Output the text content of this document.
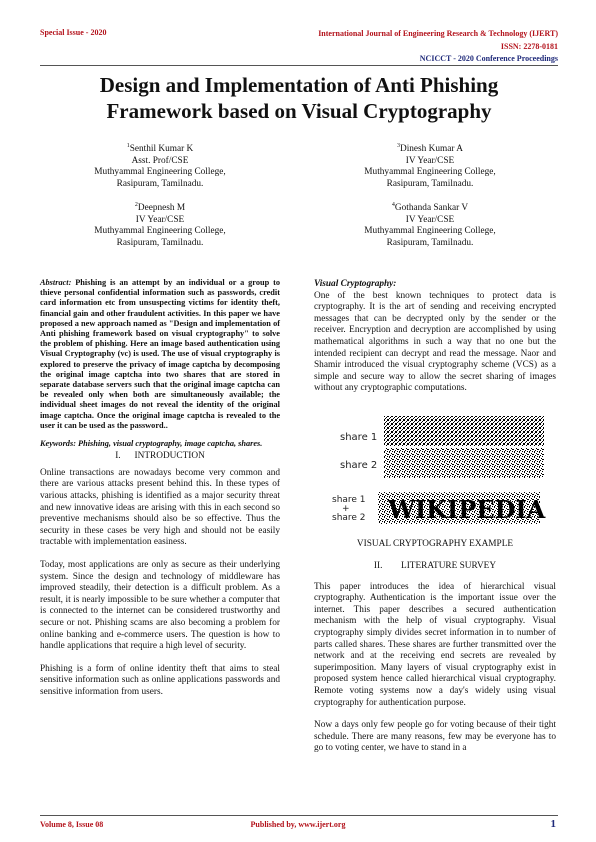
Special Issue - 2020	International Journal of Engineering Research & Technology (IJERT)
ISSN: 2278-0181
NCICCT - 2020 Conference Proceedings
Design and Implementation of Anti Phishing
Framework based on Visual Cryptography
$^1$Senthil Kumar K
Asst. Prof/CSE
Muthyammal Engineering College,
Rasipuram, Tamilnadu.
$^3$Dinesh Kumar A
IV Year/CSE
Muthyammal Engineering College,
Rasipuram, Tamilnadu.
$^2$Deepnesh M
IV Year/CSE
Muthyammal Engineering College,
Rasipuram, Tamilnadu.
$^4$Gothanda Sankar V
IV Year/CSE
Muthyammal Engineering College,
Rasipuram, Tamilnadu.

Abstract: Phishing is an attempt by an individual or a group to thieve personal confidential information such as passwords, credit card information etc from unsuspecting victims for identity theft, financial gain and other fraudulent activities. In this paper we have proposed a new approach named as "Design and implementation of Anti phishing framework based on visual cryptography" to solve the problem of phishing. Here an image based authentication using Visual Cryptography (vc) is used. The use of visual cryptography is explored to preserve the privacy of image captcha by decomposing the original image captcha into two shares that are stored in separate database servers such that the original image captcha can be revealed only when both are simultaneously available; the individual sheet images do not reveal the identity of the original image captcha. Once the original image captcha is revealed to the user it can be used as the password..

Keywords: Phishing, visual cryptography, image captcha, shares.

I.      INTRODUCTION

Online transactions are nowadays become very common and there are various attacks present behind this. In these types of various attacks, phishing is identified as a major security threat and new innovative ideas are arising with this in each second so preventive mechanisms should also be so effective. Thus the security in these cases be very high and should not be easily tractable with implementation easiness.

Today, most applications are only as secure as their underlying system. Since the design and technology of middleware has improved steadily, their detection is a difficult problem. As a result, it is nearly impossible to be sure whether a computer that is connected to the internet can be considered trustworthy and secure or not. Phishing scams are also becoming a problem for online banking and e-commerce users. The question is how to handle applications that require a high level of security.

Phishing is a form of online identity theft that aims to steal sensitive information such as online applications passwords and sensitive information from users.

Visual Cryptography:

One of the best known techniques to protect data is cryptography. It is the art of sending and receiving encrypted messages that can be decrypted only by the sender or the receiver. Encryption and decryption are accomplished by using mathematical algorithms in such a way that no one but the intended recipient can decrypt and read the message. Naor and Shamir introduced the visual cryptography scheme (VCS) as a simple and secure way to allow the secret sharing of images without any cryptographic computations.

share 1
share 2
share 1
+
share 2 WIKIPEDIA
VISUAL CRYPTOGRAPHY EXAMPLE

II.        LITERATURE SURVEY

This paper introduces the idea of hierarchical visual cryptography. Authentication is the important issue over the internet. This paper describes a secured authentication mechanism with the help of visual cryptography. Visual cryptography simply divides secret information in to number of parts called shares. These shares are further transmitted over the network and at the receiving end secrets are revealed by superimposition. Many layers of visual cryptography exist in proposed system hence called hierarchical visual cryptography. Remote voting systems now a day's widely using visual cryptography for authentication purpose.

Now a days only few people go for voting because of their tight schedule. There are many reasons, few may be everyone has to go to voting center, we have to stand in a

Volume 8, Issue 08	Published by, www.ijert.org	1
